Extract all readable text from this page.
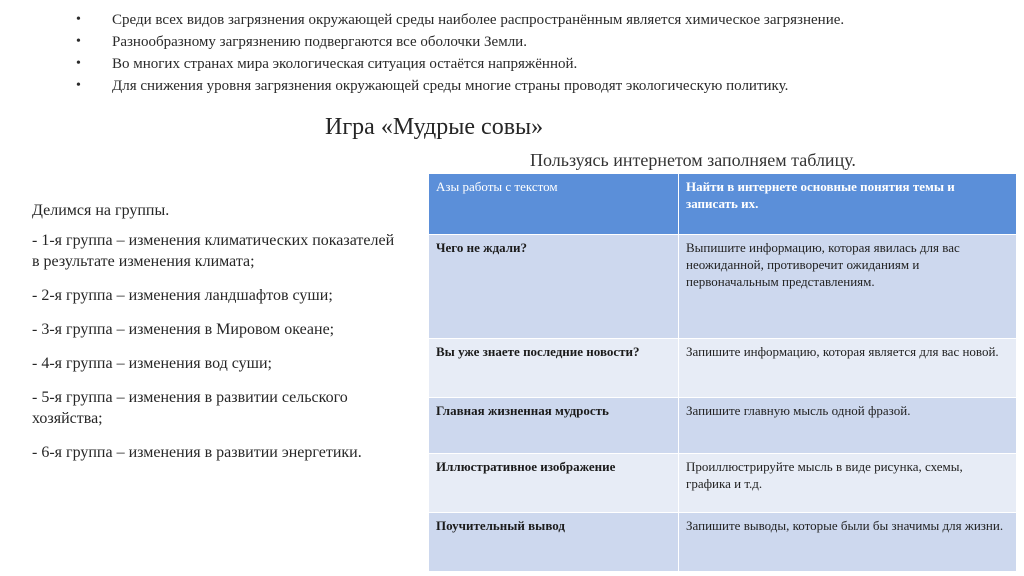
• Среди всех видов загрязнения окружающей среды наиболее распространённым является химическое загрязнение.
• Разнообразному загрязнению подвергаются все оболочки Земли.
• Во многих странах мира экологическая ситуация остаётся напряжённой.
• Для снижения уровня загрязнения окружающей среды многие страны проводят экологическую политику.
Игра «Мудрые совы»
Пользуясь интернетом заполняем таблицу.

Делимся на группы.

- 1-я группа – изменения климатических показателей в результате изменения климата;

- 2-я группа – изменения ландшафтов суши;

- 3-я группа – изменения в Мировом океане;

- 4-я группа – изменения вод суши;

- 5-я группа – изменения в развитии сельского хозяйства;

- 6-я группа – изменения в развитии энергетики.

Азы работы с текстом	Найти в интернете основные понятия темы и записать их.
Чего не ждали?	Выпишите информацию, которая явилась для вас неожиданной, противоречит ожиданиям и первоначальным представлениям.
Вы уже знаете последние новости?	Запишите информацию, которая является для вас новой.
Главная жизненная мудрость	Запишите главную мысль одной фразой.
Иллюстративное изображение	Проиллюстрируйте мысль в виде рисунка, схемы, графика и т.д.
Поучительный вывод	Запишите выводы, которые были бы значимы для жизни.
